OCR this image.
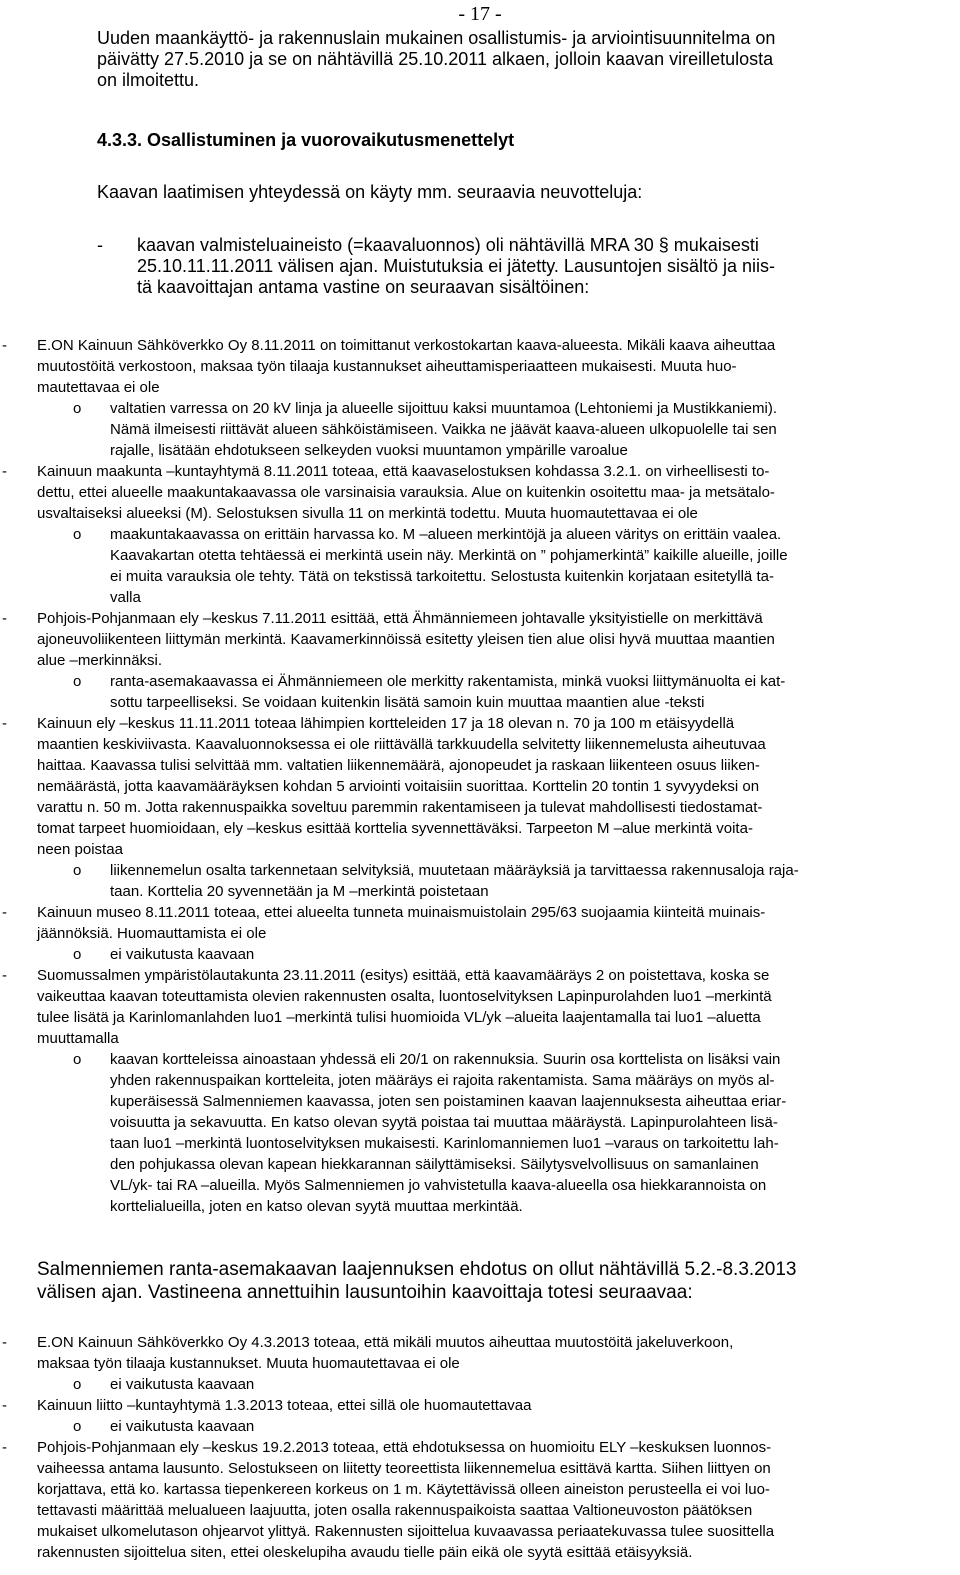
- 17 -
Uuden maankäyttö- ja rakennuslain mukainen osallistumis- ja arviointisuunnitelma on
päivätty 27.5.2010 ja se on nähtävillä 25.10.2011 alkaen, jolloin kaavan vireilletulosta
on ilmoitettu.
4.3.3. Osallistuminen ja vuorovaikutusmenettelyt
Kaavan laatimisen yhteydessä on käyty mm. seuraavia neuvotteluja:
- kaavan valmisteluaineisto (=kaavaluonnos) oli nähtävillä MRA 30 § mukaisesti
25.10.11.11.2011 välisen ajan. Muistutuksia ei jätetty. Lausuntojen sisältö ja niis-
tä kaavoittajan antama vastine on seuraavan sisältöinen:
- E.ON Kainuun Sähköverkko Oy 8.11.2011 on toimittanut verkostokartan kaava-alueesta. Mikäli kaava aiheuttaa
muutostöitä verkostoon, maksaa työn tilaaja kustannukset aiheuttamisperiaatteen mukaisesti. Muuta huo-
mautettavaa ei ole
o valtatien varressa on 20 kV linja ja alueelle sijoittuu kaksi muuntamoa (Lehtoniemi ja Mustikkaniemi).
Nämä ilmeisesti riittävät alueen sähköistämiseen. Vaikka ne jäävät kaava-alueen ulkopuolelle tai sen
rajalle, lisätään ehdotukseen selkeyden vuoksi muuntamon ympärille varoalue
- Kainuun maakunta –kuntayhtymä 8.11.2011 toteaa, että kaavaselostuksen kohdassa 3.2.1. on virheellisesti to-
dettu, ettei alueelle maakuntakaavassa ole varsinaisia varauksia. Alue on kuitenkin osoitettu maa- ja metsätalo-
usvaltaiseksi alueeksi (M). Selostuksen sivulla 11 on merkintä todettu. Muuta huomautettavaa ei ole
o maakuntakaavassa on erittäin harvassa ko. M –alueen merkintöjä ja alueen väritys on erittäin vaalea.
Kaavakartan otetta tehtäessä ei merkintä usein näy. Merkintä on ” pohjamerkintä” kaikille alueille, joille
ei muita varauksia ole tehty. Tätä on tekstissä tarkoitettu. Selostusta kuitenkin korjataan esitetyllä ta-
valla
- Pohjois-Pohjanmaan ely –keskus 7.11.2011 esittää, että Ähmänniemeen johtavalle yksityistielle on merkittävä
ajoneuvoliikenteen liittymän merkintä. Kaavamerkinnöissä esitetty yleisen tien alue olisi hyvä muuttaa maantien
alue –merkinnäksi.
o ranta-asemakaavassa ei Ähmänniemeen ole merkitty rakentamista, minkä vuoksi liittymänuolta ei kat-
sottu tarpeelliseksi. Se voidaan kuitenkin lisätä samoin kuin muuttaa maantien alue -teksti
- Kainuun ely –keskus 11.11.2011 toteaa lähimpien kortteleiden 17 ja 18 olevan n. 70 ja 100 m etäisyydellä
maantien keskiviivasta. Kaavaluonnoksessa ei ole riittävällä tarkkuudella selvitetty liikennemelusta aiheutuvaa
haittaa. Kaavassa tulisi selvittää mm. valtatien liikennemäärä, ajonopeudet ja raskaan liikenteen osuus liiken-
nemäärästä, jotta kaavamääräyksen kohdan 5 arviointi voitaisiin suorittaa. Korttelin 20 tontin 1 syvyydeksi on
varattu n. 50 m. Jotta rakennuspaikka soveltuu paremmin rakentamiseen ja tulevat mahdollisesti tiedostamat-
tomat tarpeet huomioidaan, ely –keskus esittää korttelia syvennettäväksi. Tarpeeton M –alue merkintä voita-
neen poistaa
o liikennemelun osalta tarkennetaan selvityksiä, muutetaan määräyksiä ja tarvittaessa rakennusaloja raja-
taan. Korttelia 20 syvennetään ja M –merkintä poistetaan
- Kainuun museo 8.11.2011 toteaa, ettei alueelta tunneta muinaismuistolain 295/63 suojaamia kiinteitä muinais-
jäännöksiä. Huomauttamista ei ole
o ei vaikutusta kaavaan
- Suomussalmen ympäristölautakunta 23.11.2011 (esitys) esittää, että kaavamääräys 2 on poistettava, koska se
vaikeuttaa kaavan toteuttamista olevien rakennusten osalta, luontoselvityksen Lapinpurolahden luo1 –merkintä
tulee lisätä ja Karinlomanlahden luo1 –merkintä tulisi huomioida VL/yk –alueita laajentamalla tai luo1 –aluetta
muuttamalla
o kaavan kortteleissa ainoastaan yhdessä eli 20/1 on rakennuksia. Suurin osa korttelista on lisäksi vain
yhden rakennuspaikan kortteleita, joten määräys ei rajoita rakentamista. Sama määräys on myös al-
kuperäisessä Salmenniemen kaavassa, joten sen poistaminen kaavan laajennuksesta aiheuttaa eriar-
voisuutta ja sekavuutta. En katso olevan syytä poistaa tai muuttaa määräystä. Lapinpurolahteen lisä-
taan luo1 –merkintä luontoselvityksen mukaisesti. Karinlomanniemen luo1 –varaus on tarkoitettu lah-
den pohjukassa olevan kapean hiekkarannan säilyttämiseksi. Säilytysvelvollisuus on samanlainen
VL/yk- tai RA –alueilla. Myös Salmenniemen jo vahvistetulla kaava-alueella osa hiekkarannoista on
korttelialueilla, joten en katso olevan syytä muuttaa merkintää.
Salmenniemen ranta-asemakaavan laajennuksen ehdotus on ollut nähtävillä 5.2.-8.3.2013
välisen ajan. Vastineena annettuihin lausuntoihin kaavoittaja totesi seuraavaa:
- E.ON Kainuun Sähköverkko Oy 4.3.2013 toteaa, että mikäli muutos aiheuttaa muutostöitä jakeluverkoon,
maksaa työn tilaaja kustannukset. Muuta huomautettavaa ei ole
o ei vaikutusta kaavaan
- Kainuun liitto –kuntayhtymä 1.3.2013 toteaa, ettei sillä ole huomautettavaa
o ei vaikutusta kaavaan
- Pohjois-Pohjanmaan ely –keskus 19.2.2013 toteaa, että ehdotuksessa on huomioitu ELY –keskuksen luonnos-
vaiheessa antama lausunto. Selostukseen on liitetty teoreettista liikennemelua esittävä kartta. Siihen liittyen on
korjattava, että ko. kartassa tiepenkereen korkeus on 1 m. Käytettävissä olleen aineiston perusteella ei voi luo-
tettavasti määrittää melualueen laajuutta, joten osalla rakennuspaikoista saattaa Valtioneuvoston päätöksen
mukaiset ulkomelutason ohjearvot ylittyä. Rakennusten sijoittelua kuvaavassa periaatekuvassa tulee suosittella
rakennusten sijoittelua siten, ettei oleskelupiha avaudu tielle päin eikä ole syytä esittää etäisyyksiä.
